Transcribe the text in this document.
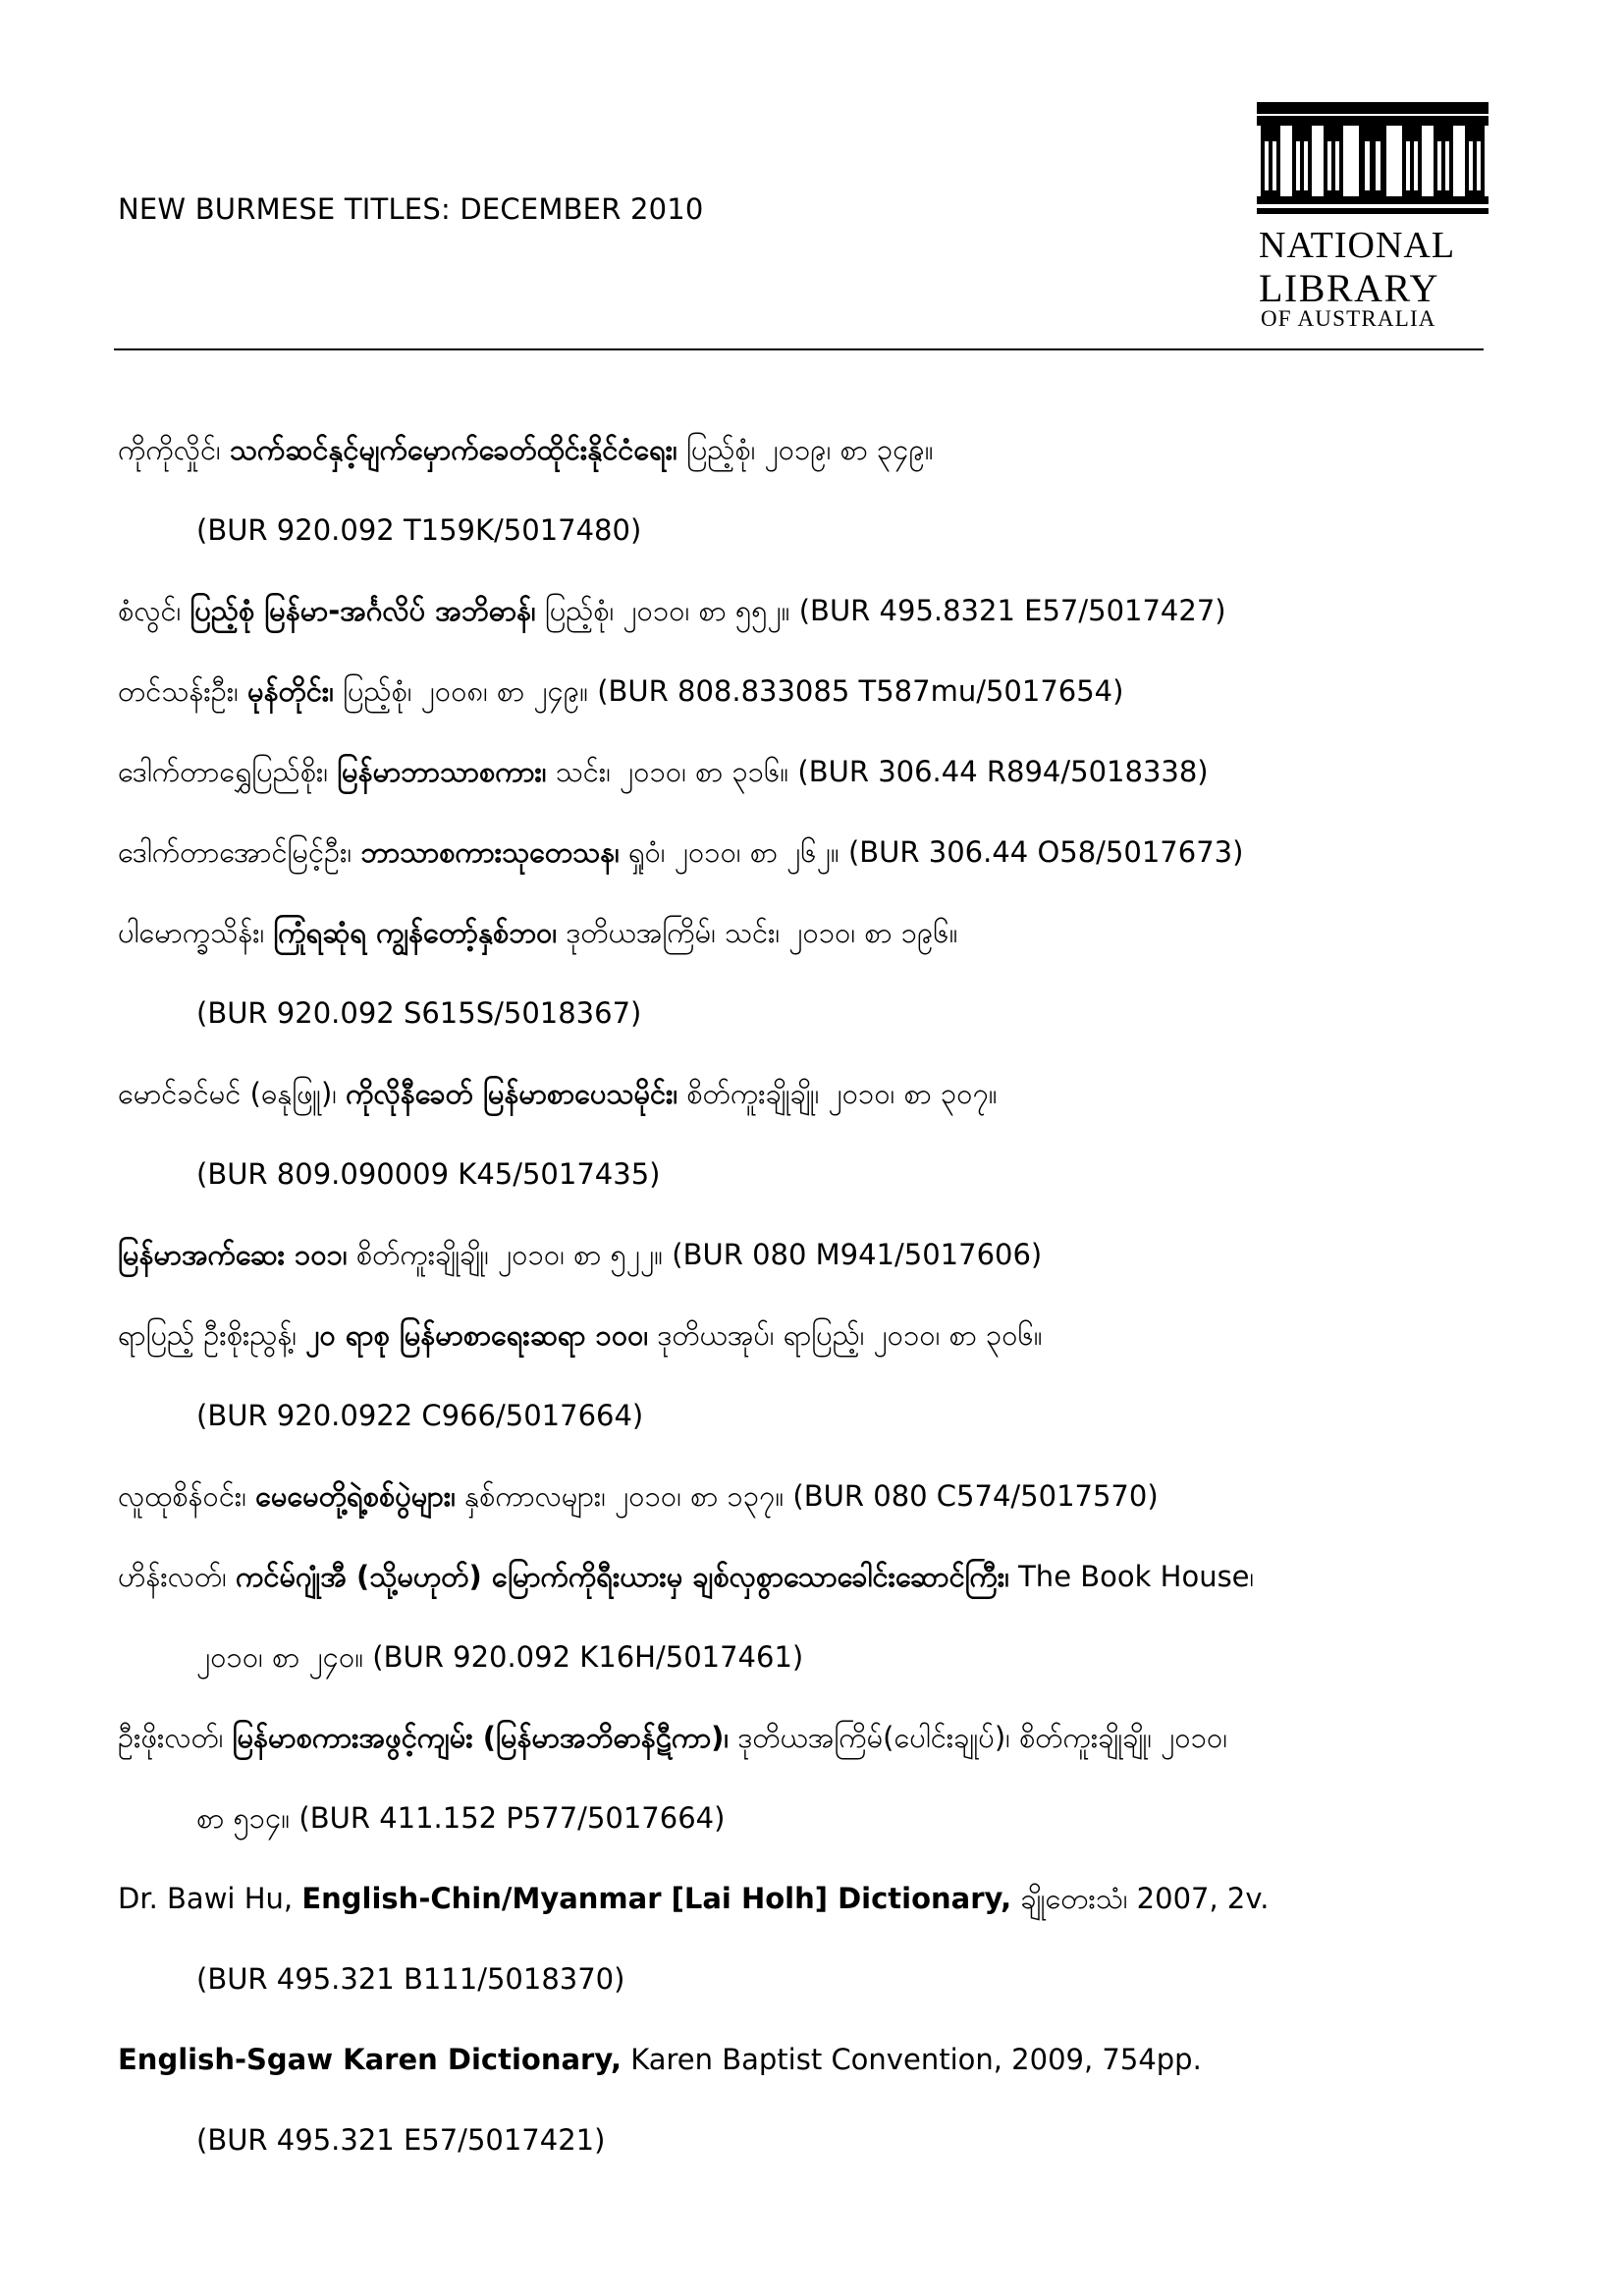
NEW BURMESE TITLES: DECEMBER 2010
NATIONAL
LIBRARY
OF AUSTRALIA
ကိုကိုလှိုင်၊ သက်ဆင်နှင့်မျက်မှောက်ခေတ်ထိုင်းနိုင်ငံရေး၊ ပြည့်စုံ၊ ၂၀၁၉၊ စာ ၃၄၉။
(BUR 920.092 T159K/5017480)
စံလွင်၊ ပြည့်စုံ မြန်မာ-အင်္ဂလိပ် အဘိဓာန်၊ ပြည့်စုံ၊ ၂၀၁၀၊ စာ ၅၅၂။ (BUR 495.8321 E57/5017427)
တင်သန်းဦး၊ မုန်တိုင်း၊ ပြည့်စုံ၊ ၂၀၀၈၊ စာ ၂၄၉။ (BUR 808.833085 T587mu/5017654)
ဒေါက်တာရွှေပြည်စိုး၊ မြန်မာဘာသာစကား၊ သင်း၊ ၂၀၁၀၊ စာ ၃၁၆။ (BUR 306.44 R894/5018338)
ဒေါက်တာအောင်မြင့်ဦး၊ ဘာသာစကားသုတေသန၊ ရှုဝံ၊ ၂၀၁၀၊ စာ ၂၆၂။ (BUR 306.44 O58/5017673)
ပါမောက္ခသိန်း၊ ကြုံရဆုံရ ကျွန်တော့်နှစ်ဘဝ၊ ဒုတိယအကြိမ်၊ သင်း၊ ၂၀၁၀၊ စာ ၁၉၆။
(BUR 920.092 S615S/5018367)
မောင်ခင်မင် (ဓနုဖြူ)၊ ကိုလိုနီခေတ် မြန်မာစာပေသမိုင်း၊ စိတ်ကူးချိုချို၊ ၂၀၁၀၊ စာ ၃၀၇။
(BUR 809.090009 K45/5017435)
မြန်မာအက်ဆေး ၁၀၁၊ စိတ်ကူးချိုချို၊ ၂၀၁၀၊ စာ ၅၂၂။ (BUR 080 M941/5017606)
ရာပြည့် ဦးစိုးညွန့်၊ ၂၀ ရာစု မြန်မာစာရေးဆရာ ၁၀၀၊ ဒုတိယအုပ်၊ ရာပြည့်၊ ၂၀၁၀၊ စာ ၃၀၆။
(BUR 920.0922 C966/5017664)
လူထုစိန်ဝင်း၊ မေမေတို့ရဲ့စစ်ပွဲများ၊ နှစ်ကာလများ၊ ၂၀၁၀၊ စာ ၁၃၇။ (BUR 080 C574/5017570)
ဟိန်းလတ်၊ ကင်မ်ဂျုံအီ (သို့မဟုတ်) မြောက်ကိုရီးယားမှ ချစ်လှစွာသောခေါင်းဆောင်ကြီး၊ The Book House၊
၂၀၁၀၊ စာ ၂၄၀။ (BUR 920.092 K16H/5017461)
ဦးဖိုးလတ်၊ မြန်မာစကားအဖွင့်ကျမ်း (မြန်မာအဘိဓာန်ဋီကာ)၊ ဒုတိယအကြိမ်(ပေါင်းချုပ်)၊ စိတ်ကူးချိုချို၊ ၂၀၁၀၊
စာ ၅၁၄။ (BUR 411.152 P577/5017664)
Dr. Bawi Hu, English-Chin/Myanmar [Lai Holh] Dictionary, ချိုတေးသံ၊ 2007, 2v.
(BUR 495.321 B111/5018370)
English-Sgaw Karen Dictionary, Karen Baptist Convention, 2009, 754pp.
(BUR 495.321 E57/5017421)
